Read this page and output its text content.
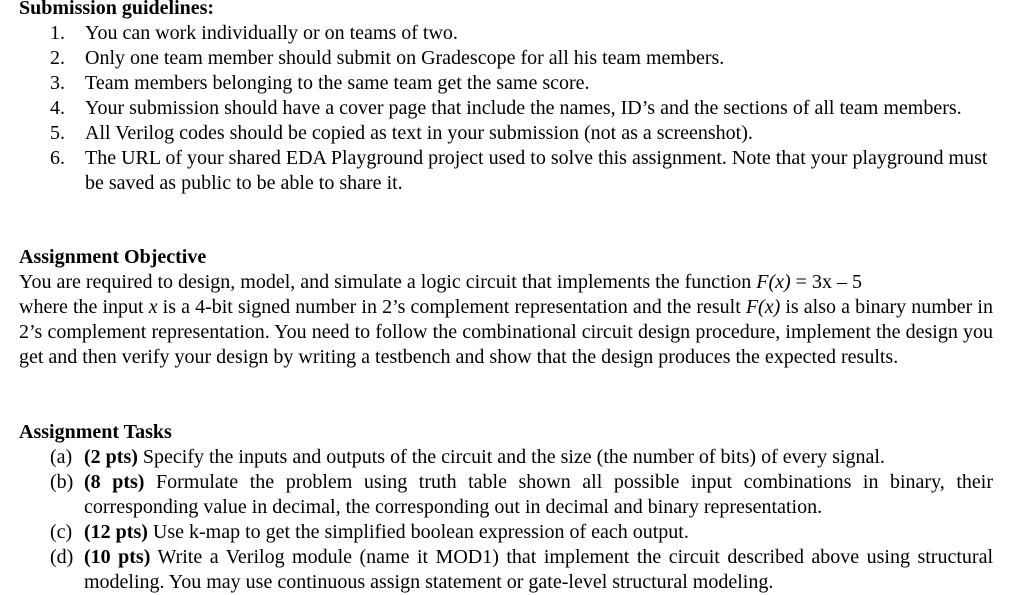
Submission guidelines:
1. You can work individually or on teams of two.
2. Only one team member should submit on Gradescope for all his team members.
3. Team members belonging to the same team get the same score.
4. Your submission should have a cover page that include the names, ID’s and the sections of all team members.
5. All Verilog codes should be copied as text in your submission (not as a screenshot).
6. The URL of your shared EDA Playground project used to solve this assignment. Note that your playground must be saved as public to be able to share it.
Assignment Objective
You are required to design, model, and simulate a logic circuit that implements the function F(x) = 3x – 5
where the input x is a 4-bit signed number in 2’s complement representation and the result F(x) is also a binary number in 2’s complement representation. You need to follow the combinational circuit design procedure, implement the design you get and then verify your design by writing a testbench and show that the design produces the expected results.
Assignment Tasks
(a) (2 pts) Specify the inputs and outputs of the circuit and the size (the number of bits) of every signal.
(b) (8 pts) Formulate the problem using truth table shown all possible input combinations in binary, their corresponding value in decimal, the corresponding out in decimal and binary representation.
(c) (12 pts) Use k-map to get the simplified boolean expression of each output.
(d) (10 pts) Write a Verilog module (name it MOD1) that implement the circuit described above using structural modeling. You may use continuous assign statement or gate-level structural modeling.
